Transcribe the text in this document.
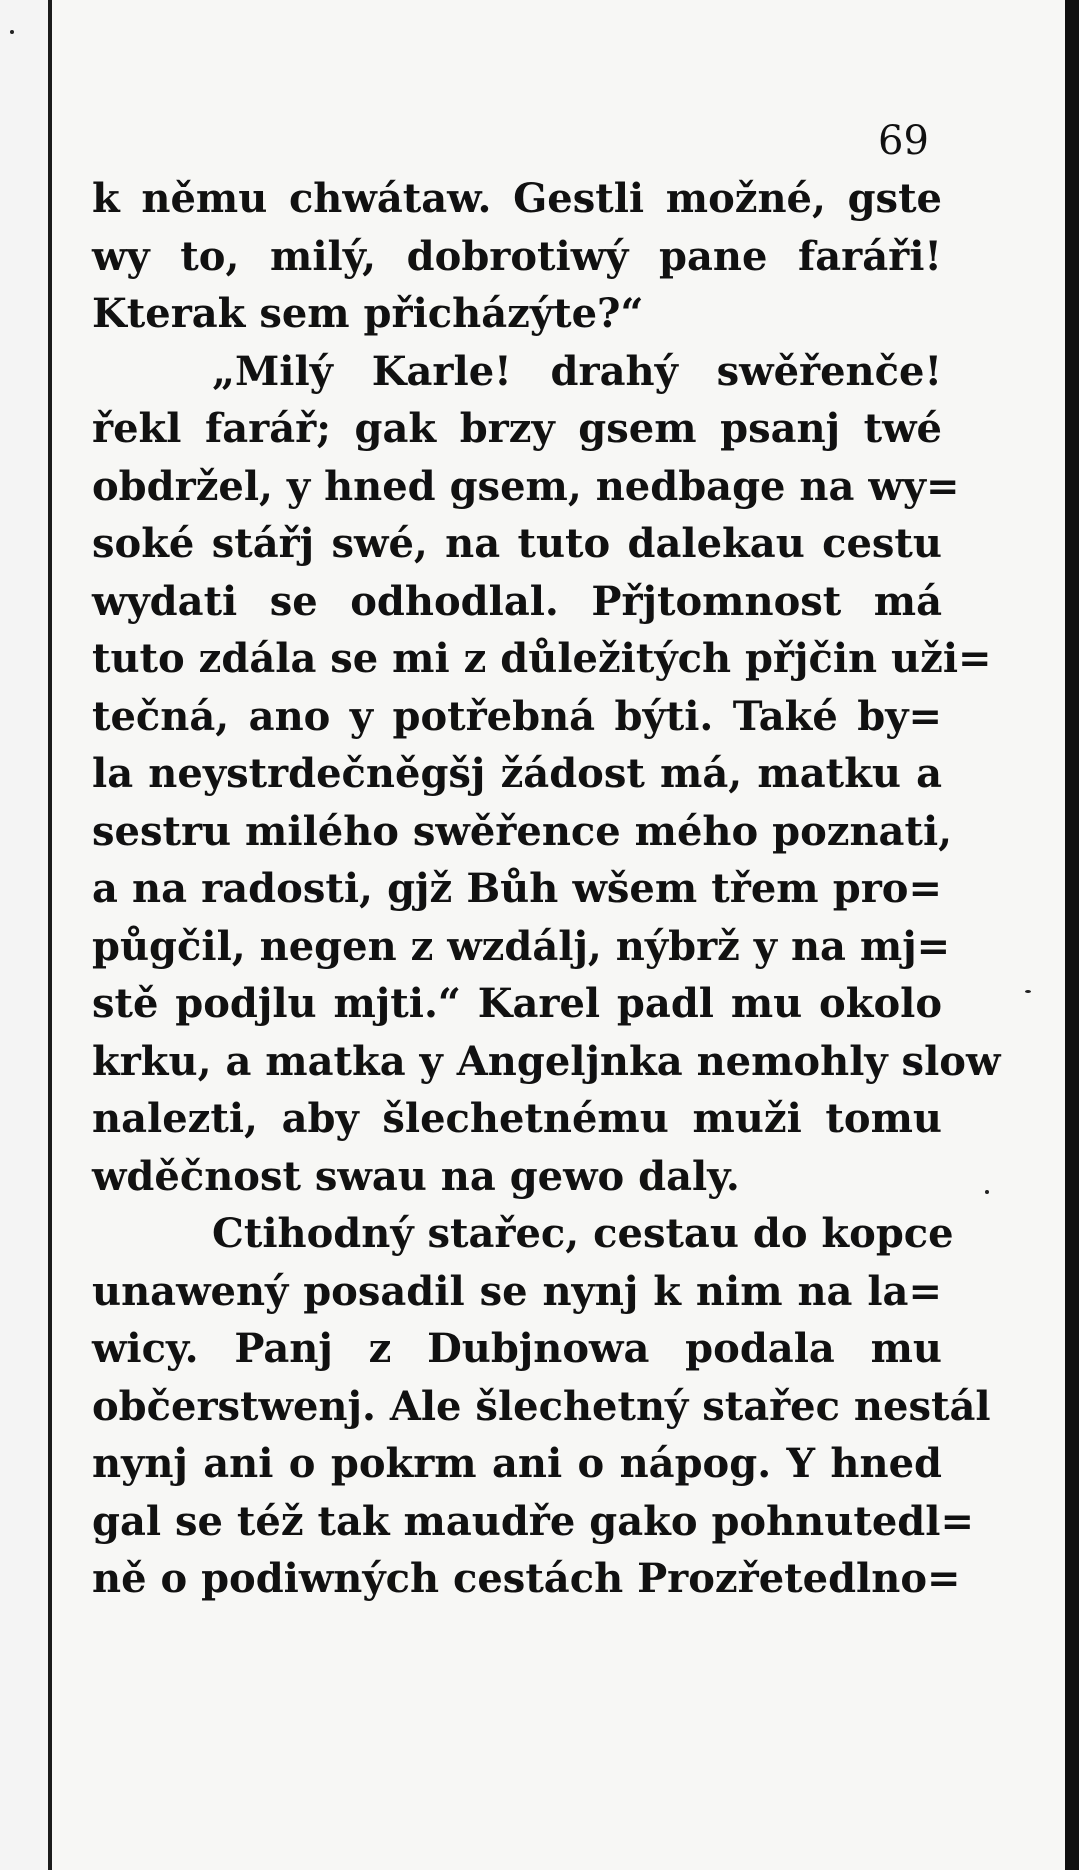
69
k němu chwátaw. Gestli možné, gste
wy to, milý, dobrotiwý pane faráři!
Kterak sem přicházýte?“
„Milý Karle! drahý swěřenče!
řekl farář; gak brzy gsem psanj twé
obdržel, y hned gsem, nedbage na wy=
soké stářj swé, na tuto dalekau cestu
wydati se odhodlal. Přjtomnost má
tuto zdála se mi z důležitých přjčin uži=
tečná, ano y potřebná býti. Také by=
la neystrdečněgšj žádost má, matku a
sestru milého swěřence mého poznati,
a na radosti, gjž Bůh wšem třem pro=
půgčil, negen z wzdálj, nýbrž y na mj=
stě podjlu mjti.“ Karel padl mu okolo
krku, a matka y Angeljnka nemohly slow
nalezti, aby šlechetnému muži tomu
wděčnost swau na gewo daly.
Ctihodný stařec, cestau do kopce
unawený posadil se nynj k nim na la=
wicy. Panj z Dubjnowa podala mu
občerstwenj. Ale šlechetný stařec nestál
nynj ani o pokrm ani o nápog. Y hned
gal se též tak maudře gako pohnutedl=
ně o podiwných cestách Prozřetedlno=
